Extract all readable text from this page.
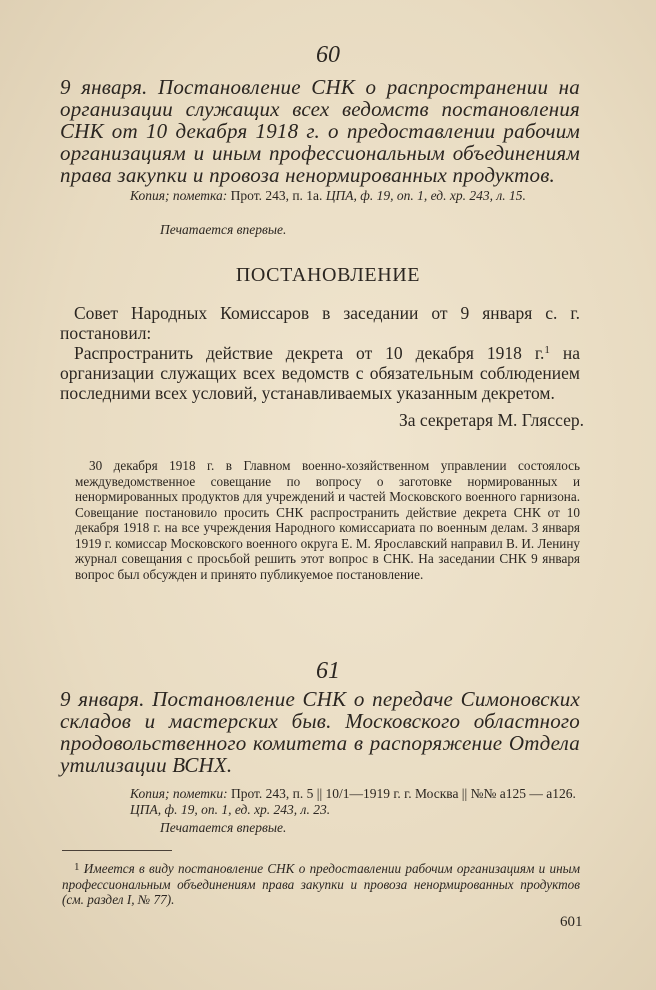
60
9 января. Постановление СНК о распространении на организации служащих всех ведомств постановления СНК от 10 декабря 1918 г. о предоставлении рабочим организациям и иным профессиональным объединениям права закупки и провоза ненормированных продуктов.
Копия; пометка: Прот. 243, п. 1а. ЦПА, ф. 19, оп. 1, ед. хр. 243, л. 15.
Печатается впервые.
ПОСТАНОВЛЕНИЕ
Совет Народных Комиссаров в заседании от 9 января с. г. постановил:
Распространить действие декрета от 10 декабря 1918 г.$^1$ на организации служащих всех ведомств с обязательным соблюдением последними всех условий, устанавливаемых указанным декретом.
За секретаря М. Гляссер.
30 декабря 1918 г. в Главном военно-хозяйственном управлении состоялось междуведомственное совещание по вопросу о заготовке нормированных и ненормированных продуктов для учреждений и частей Московского военного гарнизона. Совещание постановило просить СНК распространить действие декрета СНК от 10 декабря 1918 г. на все учреждения Народного комиссариата по военным делам. 3 января 1919 г. комиссар Московского военного округа Е. М. Ярославский направил В. И. Ленину журнал совещания с просьбой решить этот вопрос в СНК. На заседании СНК 9 января вопрос был обсужден и принято публикуемое постановление.
61
9 января. Постановление СНК о передаче Симоновских складов и мастерских быв. Московского областного продовольственного комитета в распоряжение Отдела утилизации ВСНХ.
Копия; пометки: Прот. 243, п. 5 || 10/1—1919 г. г. Москва || №№ а125 — а126. ЦПА, ф. 19, оп. 1, ед. хр. 243, л. 23.
Печатается впервые.
$^1$ Имеется в виду постановление СНК о предоставлении рабочим организациям и иным профессиональным объединениям права закупки и провоза ненормированных продуктов (см. раздел I, № 77).
601
